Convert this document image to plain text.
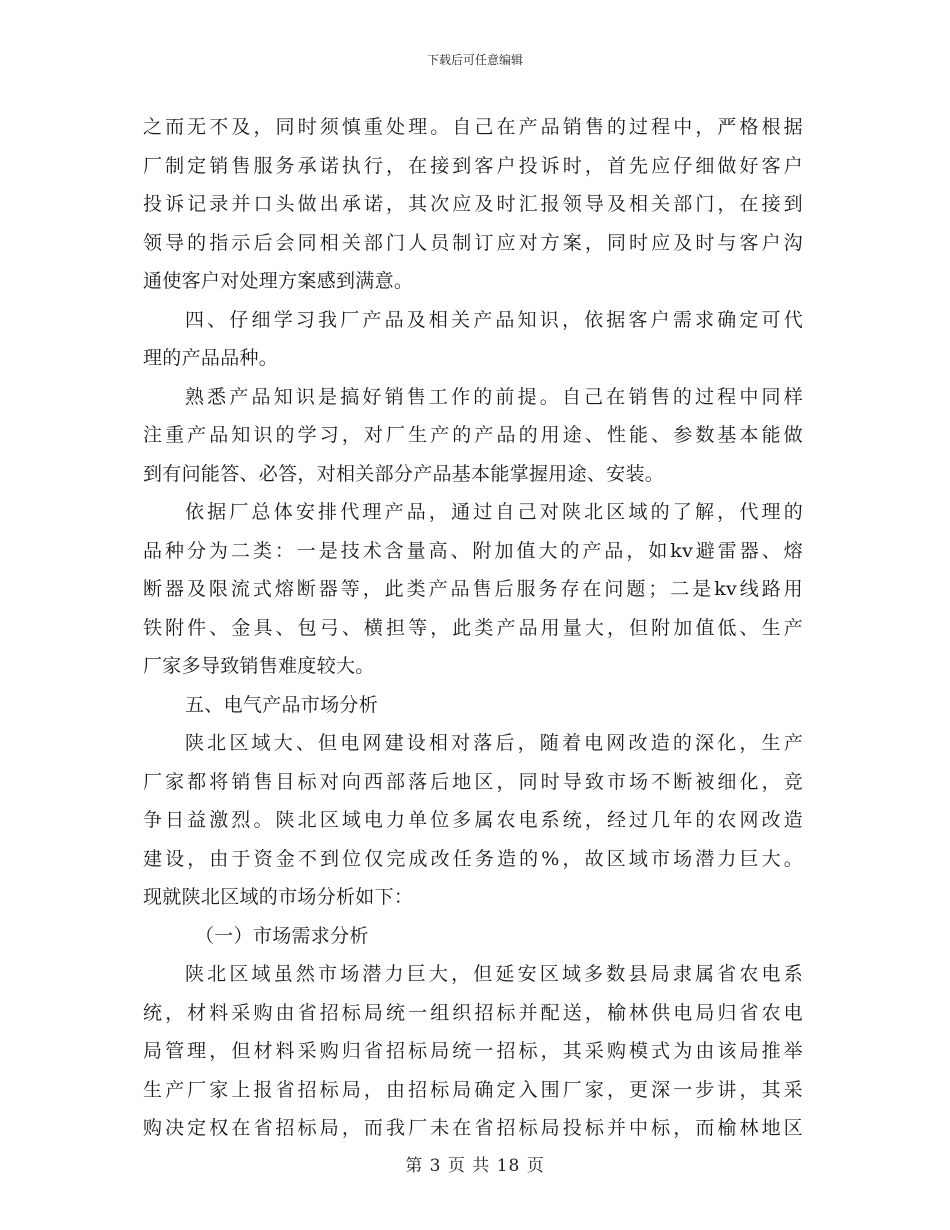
下载后可任意编辑
之而无不及，同时须慎重处理。自己在产品销售的过程中，严格根据
厂制定销售服务承诺执行，在接到客户投诉时，首先应仔细做好客户
投诉记录并口头做出承诺，其次应及时汇报领导及相关部门，在接到
领导的指示后会同相关部门人员制订应对方案，同时应及时与客户沟
通使客户对处理方案感到满意。
四、仔细学习我厂产品及相关产品知识，依据客户需求确定可代
理的产品品种。
熟悉产品知识是搞好销售工作的前提。自己在销售的过程中同样
注重产品知识的学习，对厂生产的产品的用途、性能、参数基本能做
到有问能答、必答，对相关部分产品基本能掌握用途、安装。
依据厂总体安排代理产品，通过自己对陕北区域的了解，代理的
品种分为二类：一是技术含量高、附加值大的产品，如kv避雷器、熔
断器及限流式熔断器等，此类产品售后服务存在问题；二是kv线路用
铁附件、金具、包弓、横担等，此类产品用量大，但附加值低、生产
厂家多导致销售难度较大。
五、电气产品市场分析
陕北区域大、但电网建设相对落后，随着电网改造的深化，生产
厂家都将销售目标对向西部落后地区，同时导致市场不断被细化，竞
争日益激烈。陕北区域电力单位多属农电系统，经过几年的农网改造
建设，由于资金不到位仅完成改任务造的%，故区域市场潜力巨大。
现就陕北区域的市场分析如下：
（一）市场需求分析
陕北区域虽然市场潜力巨大，但延安区域多数县局隶属省农电系
统，材料采购由省招标局统一组织招标并配送，榆林供电局归省农电
局管理，但材料采购归省招标局统一招标，其采购模式为由该局推举
生产厂家上报省招标局，由招标局确定入围厂家，更深一步讲，其采
购决定权在省招标局，而我厂未在省招标局投标并中标，而榆林地区
第 3 页 共 18 页
